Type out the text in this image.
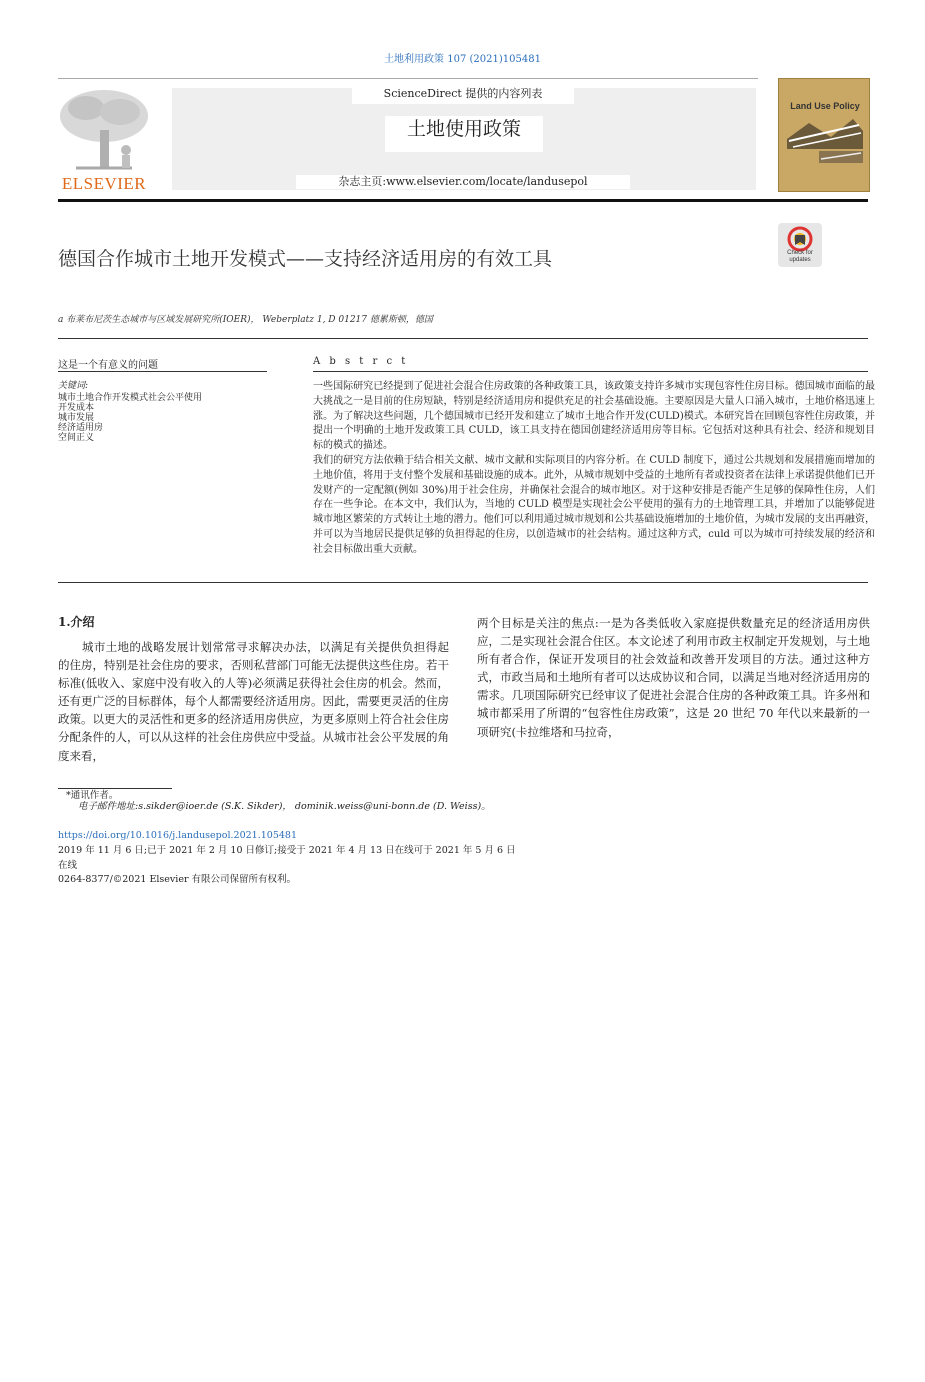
土地利用政策 107 (2021)105481
ELSEVIER
ScienceDirect 提供的内容列表
土地使用政策
杂志主页:www.elsevier.com/locate/landusepol
Land Use Policy
德国合作城市土地开发模式——支持经济适用房的有效工具	Check for updates
a 布莱布尼茨生态城市与区域发展研究所(IOER)， Weberplatz 1, D 01217 德累斯顿，德国
这是一个有意义的问题
关键词:
城市土地合作开发模式社会公平使用
开发成本
城市发展
经济适用房
空间正义
A b s t r c t

一些国际研究已经提到了促进社会混合住房政策的各种政策工具，该政策支持许多城市实现包容性住房目标。德国城市面临的最大挑战之一是目前的住房短缺，特别是经济适用房和提供充足的社会基础设施。主要原因是大量人口涌入城市，土地价格迅速上涨。为了解决这些问题，几个德国城市已经开发和建立了城市土地合作开发(CULD)模式。本研究旨在回顾包容性住房政策，并提出一个明确的土地开发政策工具 CULD，该工具支持在德国创建经济适用房等目标。它包括对这种具有社会、经济和规划目标的模式的描述。

我们的研究方法依赖于结合相关文献、城市文献和实际项目的内容分析。在 CULD 制度下，通过公共规划和发展措施而增加的土地价值，将用于支付整个发展和基础设施的成本。此外，从城市规划中受益的土地所有者或投资者在法律上承诺提供他们已开发财产的一定配额(例如 30%)用于社会住房，并确保社会混合的城市地区。对于这种安排是否能产生足够的保障性住房，人们存在一些争论。在本文中，我们认为，当地的 CULD 模型是实现社会公平使用的强有力的土地管理工具，并增加了以能够促进城市地区繁荣的方式转让土地的潜力。他们可以利用通过城市规划和公共基础设施增加的土地价值，为城市发展的支出再融资，并可以为当地居民提供足够的负担得起的住房，以创造城市的社会结构。通过这种方式，culd 可以为城市可持续发展的经济和社会目标做出重大贡献。

1.介绍

城市土地的战略发展计划常常寻求解决办法，以满足有关提供负担得起的住房，特别是社会住房的要求，否则私营部门可能无法提供这些住房。若干标准(低收入、家庭中没有收入的人等)必须满足获得社会住房的机会。然而，还有更广泛的目标群体，每个人都需要经济适用房。因此，需要更灵活的住房政策。以更大的灵活性和更多的经济适用房供应，为更多原则上符合社会住房分配条件的人，可以从这样的社会住房供应中受益。从城市社会公平发展的角度来看，

两个目标是关注的焦点:一是为各类低收入家庭提供数量充足的经济适用房供应，二是实现社会混合住区。本文论述了利用市政主权制定开发规划，与土地所有者合作，保证开发项目的社会效益和改善开发项目的方法。通过这种方式，市政当局和土地所有者可以达成协议和合同，以满足当地对经济适用房的需求。几项国际研究已经审议了促进社会混合住房的各种政策工具。许多州和城市都采用了所谓的“包容性住房政策”，这是 20 世纪 70 年代以来最新的一项研究(卡拉维塔和马拉奇，

*通讯作者。
电子邮件地址:s.sikder@ioer.de (S.K. Sikder)， dominik.weiss@uni-bonn.de (D. Weiss)。
https://doi.org/10.1016/j.landusepol.2021.105481
2019 年 11 月 6 日;已于 2021 年 2 月 10 日修订;接受于 2021 年 4 月 13 日在线可于 2021 年 5 月 6 日
在线
0264-8377/©2021 Elsevier 有限公司保留所有权利。
